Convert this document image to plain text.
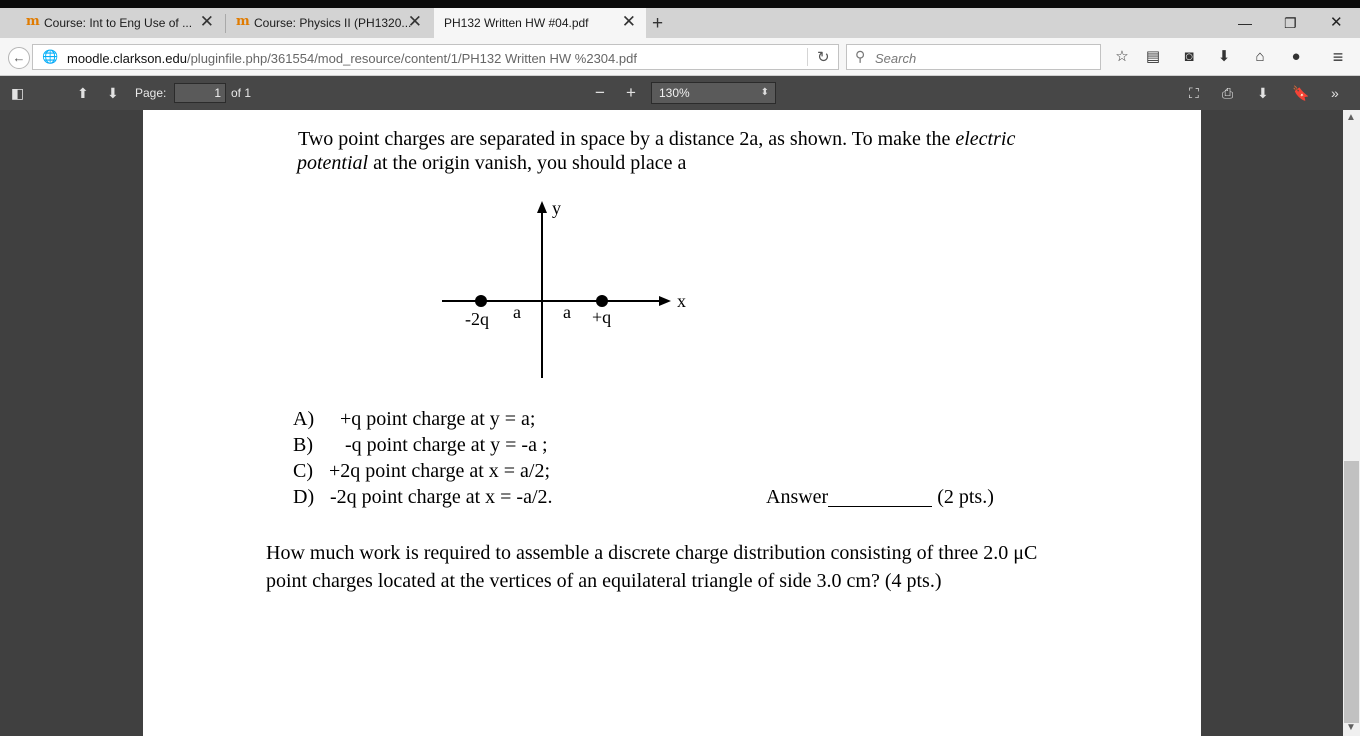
m Course: Int to Eng Use of ... ✕ m Course: Physics II (PH1320...
✕ PH132 Written HW #04.pdf ✕ +	— ❐ ✕
←	🌐 moodle.clarkson.edu/pluginfile.php/361554/mod_resource/content/1/PH132 Written HW %2304.pdf	↻ ⚲ Search	☆ ▤	◙	⬇	⌂	●	≡
◧	⬆ ⬇ Page:	1 of 1	− +	130%	⬍	⛶ ⎙ ⬇ 🔖 »
Two point charges are separated in space by a distance 2a, as shown. To make the electric
potential at the origin vanish, you should place a
y
x
-2q a a +q
A) +q point charge at y = a;
B) -q point charge at y = -a ;
C) +2q point charge at x = a/2;
D) -2q point charge at x = -a/2.	Answer	(2 pts.)
How much work is required to assemble a discrete charge distribution consisting of three 2.0 μC
point charges located at the vertices of an equilateral triangle of side 3.0 cm? (4 pts.)
▲
▼
